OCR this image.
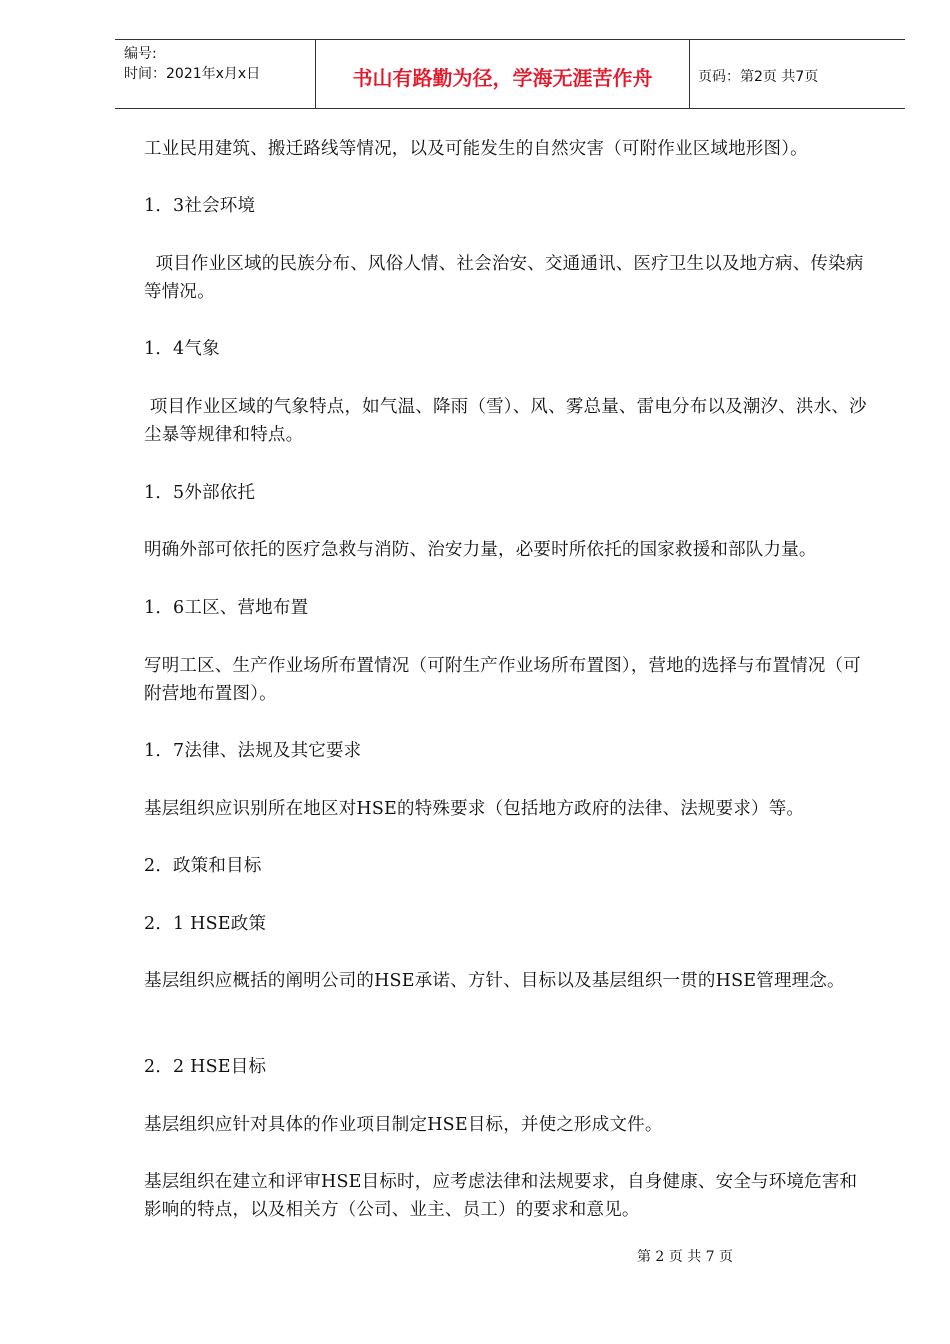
编号:
时间：2021年x月x日	书山有路勤为径，学海无涯苦作舟	页码：第2页 共7页
工业民用建筑、搬迁路线等情况，以及可能发生的自然灾害（可附作业区域地形图）。
1．3社会环境
项目作业区域的民族分布、风俗人情、社会治安、交通通讯、医疗卫生以及地方病、传染病等情况。
1．4气象
项目作业区域的气象特点，如气温、降雨（雪）、风、雾总量、雷电分布以及潮汐、洪水、沙尘暴等规律和特点。
1．5外部依托
明确外部可依托的医疗急救与消防、治安力量，必要时所依托的国家救援和部队力量。
1．6工区、营地布置
写明工区、生产作业场所布置情况（可附生产作业场所布置图），营地的选择与布置情况（可附营地布置图）。
1．7法律、法规及其它要求
基层组织应识别所在地区对HSE的特殊要求（包括地方政府的法律、法规要求）等。
2．政策和目标
2．1 HSE政策
基层组织应概括的阐明公司的HSE承诺、方针、目标以及基层组织一贯的HSE管理理念。
2．2 HSE目标
基层组织应针对具体的作业项目制定HSE目标，并使之形成文件。
基层组织在建立和评审HSE目标时，应考虑法律和法规要求，自身健康、安全与环境危害和影响的特点，以及相关方（公司、业主、员工）的要求和意见。
第 2 页 共 7 页
